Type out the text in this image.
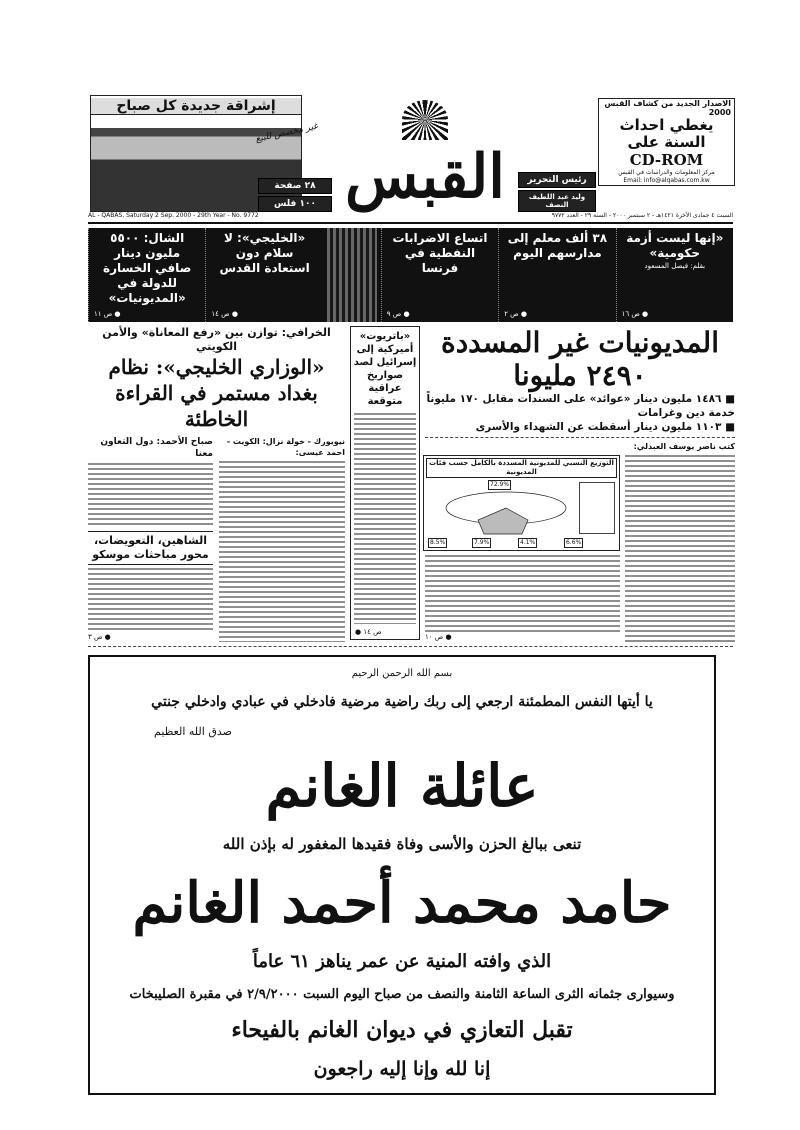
إشراقة جديدة كل صباح
غير مخصص للبيع
٢٨ صفحة
١٠٠ فلس القبس	رئيس التحرير
وليد عبد اللطيف النصف
الاصدار الجديد من كشاف القبس 2000
يغطي احداث
السنة على
CD-ROM
مركز المعلومات والدراسات في القبس
Email: info@alqabas.com.kw
AL - QABAS, Saturday 2 Sep. 2000 - 29th Year - No. 9772	السبت ٤ جمادى الآخرة ١٤٢١هـ - ٢ سبتمبر ٢٠٠٠ - السنة ٢٩ - العدد ٩٧٧٢
«إنها ليست أزمة حكومية»
بقلم: فيصل المسعود
● ص ١٦
٣٨ ألف معلم إلى مدارسهم اليوم
● ص ٢
اتساع الاضرابات النفطية في فرنسا
● ص ٩
«الخليجي»: لا سلام دون استعادة القدس
● ص ١٤
الشال: ٥٥٠٠ مليون دينار صافي الخسارة للدولة في «المديونيات»
● ص ١١
المديونيات غير المسددة ٢٤٩٠ مليونا
■ ١٤٨٦ مليون دينار «عوائد» على السندات مقابل ١٧٠ مليوناً خدمة دين وغرامات
■ ١١٠٣ مليون دينار أسقطت عن الشهداء والأسرى
كتب ناصر يوسف العبدلي:
التوزيع النسبي للمديونية المسددة بالكامل حسب فئات المديونية
72.9%
8.5%	7.9%	4.1%	6.6%
● ص ١٠
«باتريوت» أميركية إلى إسرائيل لصد صواريخ عراقية متوقعة
● ص ١٤
الخرافي: توازن بين «رفع المعاناة» والأمن الكويتي
«الوزاري الخليجي»: نظام بغداد مستمر في القراءة الخاطئة
نيويورك - خولة نزال: الكويت - احمد عيسى:
صباح الأحمد: دول التعاون معنا
الشاهين، التعويضات، محور مباحثات موسكو
● ص ٣
بسم الله الرحمن الرحيم
يا أيتها النفس المطمئنة ارجعي إلى ربك راضية مرضية فادخلي في عبادي وادخلي جنتي
صدق الله العظيم
عائلة الغانم
تنعى ببالغ الحزن والأسى وفاة فقيدها المغفور له بإذن الله
حامد محمد أحمد الغانم
الذي وافته المنية عن عمر يناهز ٦١ عاماً
وسيوارى جثمانه الثرى الساعة الثامنة والنصف من صباح اليوم السبت ٢/٩/٢٠٠٠ في مقبرة الصليبخات
تقبل التعازي في ديوان الغانم بالفيحاء
إنا لله وإنا إليه راجعون
